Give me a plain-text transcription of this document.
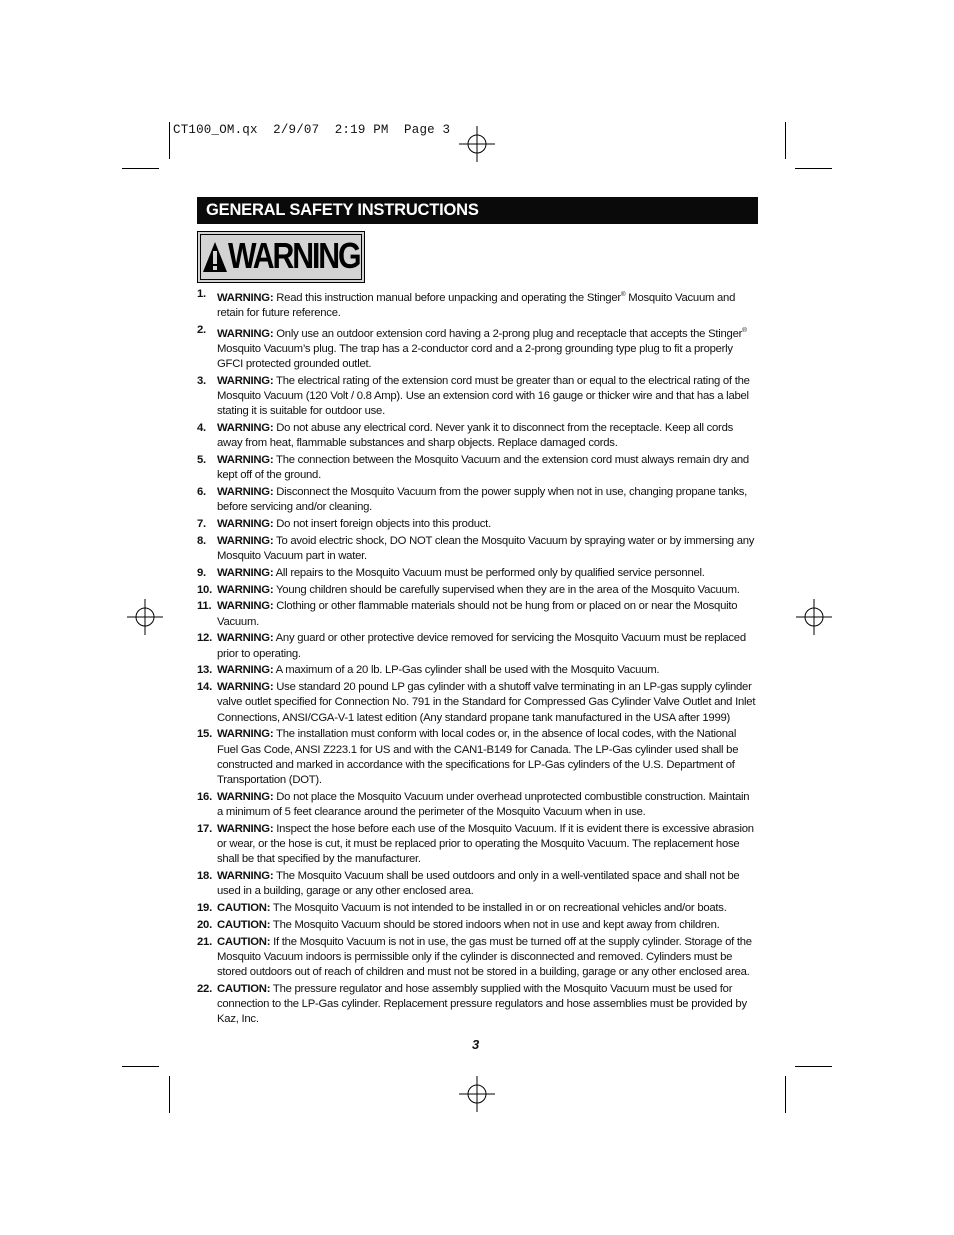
CT100_OM.qx  2/9/07  2:19 PM  Page 3
GENERAL SAFETY INSTRUCTIONS
WARNING
1. WARNING: Read this instruction manual before unpacking and operating the Stinger® Mosquito Vacuum and retain for future reference.
2. WARNING: Only use an outdoor extension cord having a 2-prong plug and receptacle that accepts the Stinger® Mosquito Vacuum’s plug. The trap has a 2-conductor cord and a 2-prong grounding type plug to fit a properly GFCI protected grounded outlet.
3. WARNING: The electrical rating of the extension cord must be greater than or equal to the electrical rating of the Mosquito Vacuum (120 Volt / 0.8 Amp). Use an extension cord with 16 gauge or thicker wire and that has a label stating it is suitable for outdoor use.
4. WARNING: Do not abuse any electrical cord. Never yank it to disconnect from the receptacle. Keep all cords away from heat, flammable substances and sharp objects. Replace damaged cords.
5. WARNING: The connection between the Mosquito Vacuum and the extension cord must always remain dry and kept off of the ground.
6. WARNING: Disconnect the Mosquito Vacuum from the power supply when not in use, changing propane tanks, before servicing and/or cleaning.
7. WARNING: Do not insert foreign objects into this product.
8. WARNING: To avoid electric shock, DO NOT clean the Mosquito Vacuum by spraying water or by immersing any Mosquito Vacuum part in water.
9. WARNING: All repairs to the Mosquito Vacuum must be performed only by qualified service personnel.
10. WARNING: Young children should be carefully supervised when they are in the area of the Mosquito Vacuum.
11. WARNING: Clothing or other flammable materials should not be hung from or placed on or near the Mosquito Vacuum.
12. WARNING: Any guard or other protective device removed for servicing the Mosquito Vacuum must be replaced prior to operating.
13. WARNING: A maximum of a 20 lb. LP-Gas cylinder shall be used with the Mosquito Vacuum.
14. WARNING: Use standard 20 pound LP gas cylinder with a shutoff valve terminating in an LP-gas supply cylinder valve outlet specified for Connection No. 791 in the Standard for Compressed Gas Cylinder Valve Outlet and Inlet Connections, ANSI/CGA-V-1 latest edition (Any standard propane tank manufactured in the USA after 1999)
15. WARNING: The installation must conform with local codes or, in the absence of local codes, with the National Fuel Gas Code, ANSI Z223.1 for US and with the CAN1-B149 for Canada. The LP-Gas cylinder used shall be constructed and marked in accordance with the specifications for LP-Gas cylinders of the U.S. Department of Transportation (DOT).
16. WARNING: Do not place the Mosquito Vacuum under overhead unprotected combustible construction. Maintain a minimum of 5 feet clearance around the perimeter of the Mosquito Vacuum when in use.
17. WARNING: Inspect the hose before each use of the Mosquito Vacuum. If it is evident there is excessive abrasion or wear, or the hose is cut, it must be replaced prior to operating the Mosquito Vacuum. The replacement hose shall be that specified by the manufacturer.
18. WARNING: The Mosquito Vacuum shall be used outdoors and only in a well-ventilated space and shall not be used in a building, garage or any other enclosed area.
19. CAUTION: The Mosquito Vacuum is not intended to be installed in or on recreational vehicles and/or boats.
20. CAUTION: The Mosquito Vacuum should be stored indoors when not in use and kept away from children.
21. CAUTION: If the Mosquito Vacuum is not in use, the gas must be turned off at the supply cylinder. Storage of the Mosquito Vacuum indoors is permissible only if the cylinder is disconnected and removed. Cylinders must be stored outdoors out of reach of children and must not be stored in a building, garage or any other enclosed area.
22. CAUTION: The pressure regulator and hose assembly supplied with the Mosquito Vacuum must be used for connection to the LP-Gas cylinder. Replacement pressure regulators and hose assemblies must be provided by Kaz, Inc.
3
